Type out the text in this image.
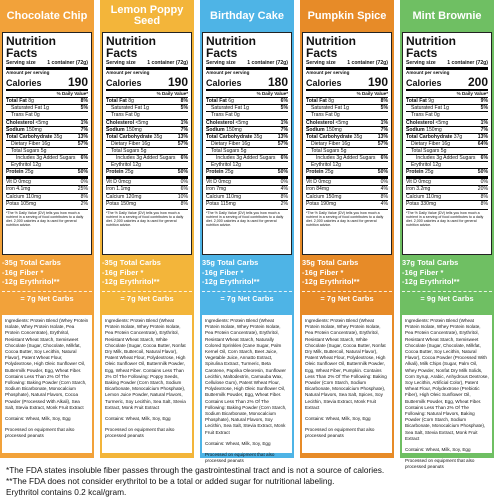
Chocolate Chip
Nutrition Facts
Serving size 1 container (72g)
Amount per serving
Calories 190
% Daily Value*
Total Fat 8g	8%
Saturated Fat 1g	5%
Trans Fat 0g
Cholesterol <5mg	1%
Sodium 150mg	7%
Total Carbohydrate 35g	13%
Dietary Fiber 16g	57%
Total Sugars 5g
Includes 3g Added Sugars 6%
Erythritol 12g
Protein 25g	50%
Vit D 0mcg	0%
Iron 4.1mg	25%
Calcium 110mg	8%
Potas 105mg	2%
*The % Daily Value (DV) tells you how much a nutrient in a serving of food contributes to a daily diet. 2,000 calories a day is used for general nutrition advice.
-35g Total Carbs
-16g Fiber *
-12g Erythritol**
= 7g Net Carbs

Ingredients: Protein Blend (Whey Protein Isolate, Whey Protein Isolate, Pea Protein Concentrate), Erythritol, Resistant Wheat Starch, Semisweet Chocolate (Sugar, Chocolate, Milkfat, Cocoa Butter, Soy Lecithin, Natural Flavor), Patent Wheat Flour, Polydextrose, High Oleic Sunflower Oil, Buttermilk Powder, Egg, Wheat Fiber. Contains Less Than 2% Of The Following: Baking Powder (Corn Starch, Sodium Bicarbonate, Monocalcium Phosphate), Natural Flavors, Cocoa Powder (Processed With Alkali), Sea Salt, Stevia Extract, Monk Fruit Extract

Contains: Wheat, Milk, Soy, Egg

Processed on equipment that also processed peanuts

Lemon Poppy Seed
Nutrition Facts
Serving size 1 container (72g)
Amount per serving
Calories 190
% Daily Value*
Total Fat 8g	8%
Saturated Fat 1g	5%
Trans Fat 0g
Cholesterol <5mg	1%
Sodium 150mg	7%
Total Carbohydrate 35g	13%
Dietary Fiber 16g	57%
Total Sugars 5g
Includes 3g Added Sugars 6%
Erythritol 12g
Protein 25g	50%
Vit D 0mcg	0%
Iron 1.1mg	6%
Calcium 120mg	10%
Potas 150mg	8%
*The % Daily Value (DV) tells you how much a nutrient in a serving of food contributes to a daily diet. 2,000 calories a day is used for general nutrition advice.
-35g Total Carbs
-16g Fiber *
-12g Erythritol**
= 7g Net Carbs

Ingredients: Protein Blend (Wheat Protein Isolate, Whey Protein Isolate, Pea Protein Concentrate), Erythritol, Resistant Wheat Starch, White Chocolate (Sugar, Cocoa Butter, Nonfat Dry Milk, Buttercoil, Natural Flavor), Patent Wheat Flour, Polydextrose, High Oleic Sunflower Oil, Buttermilk Powder, Egg, Wheat Fiber. Contains Less Than 2% Of The Following: Poppy Seeds, Baking Powder (Corn Starch, Sodium Bicarbonate, Monocalcium Phosphate), Lemon Juice Powder, Natural Flavors, Turmeric, Soy Lecithin, Sea Salt, Stevia Extract, Monk Fruit Extract

Contains: Wheat, Milk, Soy, Egg

Processed on equipment that also processed peanuts

Birthday Cake
Nutrition Facts
Serving size 1 container (72g)
Amount per serving
Calories 180
% Daily Value*
Total Fat 6g	6%
Saturated Fat 1g	5%
Trans Fat 0g
Cholesterol <5mg	1%
Sodium 150mg	7%
Total Carbohydrate 35g	13%
Dietary Fiber 16g	57%
Total Sugars 5g
Includes 3g Added Sugars 6%
Erythritol 12g
Protein 25g	50%
Vit D 0mcg	0%
Iron 7mg	4%
Calcium 110mg	8%
Potas 115mg	2%
*The % Daily Value (DV) tells you how much a nutrient in a serving of food contributes to a daily diet. 2,000 calories a day is used for general nutrition advice.
35g Total Carbs
-16g Fiber *
-12g Erythritol**
= 7g Net Carbs

Ingredients: Protein Blend (Wheat Protein Isolate, Whey Protein Isolate, Pea Protein Concentrate), Erythritol, Resistant Wheat Starch, Naturally Colored Sprinkles (Cane Sugar, Palm Kernel Oil, Corn Starch, Beet Juice, Vegetable Juice, Annatto Extract, Spirulina Extract, Turmeric, Beta Carotene, Paprika Oleoresin, Sunflower Lecithin, Maltodextrin, Carnauba Wax, Cellulose Gum), Patent Wheat Flour, Polydextrose, High Oleic Sunflower Oil, Buttermilk Powder, Egg, Wheat Fiber. Contains Less Than 2% Of The Following: Baking Powder (Corn Starch, Sodium Bicarbonate, Monocalcium Phosphate), Natural Flavors, Soy Lecithin, Sea Salt, Stevia Extract, Monk Fruit Extract

Contains: Wheat, Milk, Soy, Egg

Processed on equipment that also processed peanuts

Pumpkin Spice
Nutrition Facts
Serving size 1 container (72g)
Amount per serving
Calories 190
% Daily Value*
Total Fat 8g	8%
Saturated Fat 1g	5%
Trans Fat 0g
Cholesterol <5mg	1%
Sodium 150mg	7%
Total Carbohydrate 35g	13%
Dietary Fiber 16g	57%
Total Sugars 5g
Includes 3g Added Sugars 6%
Erythritol 12g
Protein 25g	50%
Vit D 0mcg	0%
Iron 84mg	4%
Calcium 150mg	8%
Potas 190mg	4%
*The % Daily Value (DV) tells you how much a nutrient in a serving of food contributes to a daily diet. 2,000 calories a day is used for general nutrition advice.
35g Total Carbs
-16g Fiber *
-12g Erythritol**
= 7g Net Carbs

Ingredients: Protein Blend (Wheat Protein Isolate, Whey Protein Isolate, Pea Protein Concentrate), Erythritol, Resistant Wheat Starch, White Chocolate (Sugar, Cocoa Butter, Nonfat Dry Milk, Buttercoil, Natural Flavor), Patent Wheat Flour, Polydextrose, High Oleic Sunflower Oil, Buttermilk Powder, Egg, Wheat Fiber, Pumpkin. Contains Less Than 2% Of The Following: Baking Powder (Corn Starch, Sodium Bicarbonate, Monocalcium Phosphate), Natural Flavors, Sea Salt, Spices, Soy Lecithin, Stevia Extract, Monk Fruit Extract

Contains: Wheat, Milk, Soy, Egg

Processed on equipment that also processed peanuts

Mint Brownie
Nutrition Facts
Serving size 1 container (72g)
Amount per serving
Calories 200
% Daily Value*
Total Fat 9g	9%
Saturated Fat 1g	5%
Trans Fat 0g
Cholesterol <5mg	1%
Sodium 150mg	7%
Total Carbohydrate 37g	13%
Dietary Fiber 16g	64%
Total Sugars 5g
Includes 3g Added Sugars 6%
Erythritol 12g
Protein 25g	50%
Vit D 0mcg	0%
Iron 3.2mg	20%
Calcium 110mg	8%
Potas 330mg	8%
*The % Daily Value (DV) tells you how much a nutrient in a serving of food contributes to a daily diet. 2,000 calories a day is used for general nutrition advice.
37g Total Carbs
-16g Fiber *
-12g Erythritol**
= 9g Net Carbs

Ingredients: Protein Blend (Wheat Protein Isolate, Whey Protein Isolate, Pea Protein Concentrate), Erythritol, Resistant Wheat Starch, Semisweet Chocolate (Sugar, Chocolate, Milkfat, Cocoa Butter, Soy Lecithin, Natural Flavor), Cocoa Powder (Processed With Alkali), Milk Chips (Sugar, Palm Oil, Whey Powder, Nonfat Dry Milk Solids, Corn Syrup, Arabic, Anhydrous Dextrose, Soy Lecithin, Artificial Color), Patent Wheat Flour, Polydextrose (Prebiotic Fiber), High Oleic Sunflower Oil, Buttermilk Powder, Egg, Wheat Fiber. Contains Less Than 2% Of The Following: Natural Flavors, Baking Powder (Corn Starch, Sodium Bicarbonate, Monocalcium Phosphate), Sea Salt, Stevia Extract, Monk Fruit Extract

Contains: Wheat, Milk, Soy, Egg

Processed on equipment that also processed peanuts

*The FDA states insoluble fiber passes through the gastrointestinal tract and is not a source of calories.
**The FDA does not consider erythritol to be a total or added sugar for nutritional labeling.
Erythritol contains 0.2 kcal/gram.
